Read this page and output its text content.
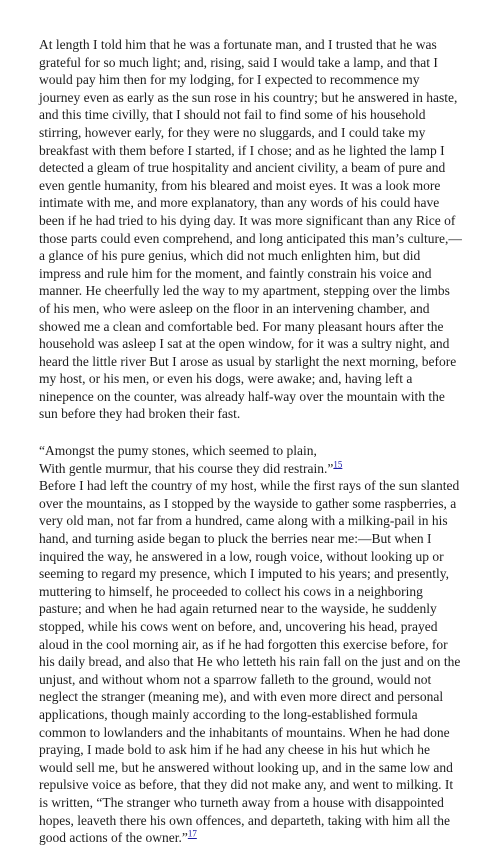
At length I told him that he was a fortunate man, and I trusted that he was grateful for so much light; and, rising, said I would take a lamp, and that I would pay him then for my lodging, for I expected to recommence my journey even as early as the sun rose in his country; but he answered in haste, and this time civilly, that I should not fail to find some of his household stirring, however early, for they were no sluggards, and I could take my breakfast with them before I started, if I chose; and as he lighted the lamp I detected a gleam of true hospitality and ancient civility, a beam of pure and even gentle humanity, from his bleared and moist eyes. It was a look more intimate with me, and more explanatory, than any words of his could have been if he had tried to his dying day. It was more significant than any Rice of those parts could even comprehend, and long anticipated this man’s culture,—a glance of his pure genius, which did not much enlighten him, but did impress and rule him for the moment, and faintly constrain his voice and manner. He cheerfully led the way to my apartment, stepping over the limbs of his men, who were asleep on the floor in an intervening chamber, and showed me a clean and comfortable bed. For many pleasant hours after the household was asleep I sat at the open window, for it was a sultry night, and heard the little river But I arose as usual by starlight the next morning, before my host, or his men, or even his dogs, were awake; and, having left a ninepence on the counter, was already half-way over the mountain with the sun before they had broken their fast.

“Amongst the pumy stones, which seemed to plain,

With gentle murmur, that his course they did restrain.”$^{15}$

Before I had left the country of my host, while the first rays of the sun slanted over the mountains, as I stopped by the wayside to gather some raspberries, a very old man, not far from a hundred, came along with a milking-pail in his hand, and turning aside began to pluck the berries near me:—But when I inquired the way, he answered in a low, rough voice, without looking up or seeming to regard my presence, which I imputed to his years; and presently, muttering to himself, he proceeded to collect his cows in a neighboring pasture; and when he had again returned near to the wayside, he suddenly stopped, while his cows went on before, and, uncovering his head, prayed aloud in the cool morning air, as if he had forgotten this exercise before, for his daily bread, and also that He who letteth his rain fall on the just and on the unjust, and without whom not a sparrow falleth to the ground, would not neglect the stranger (meaning me), and with even more direct and personal applications, though mainly according to the long-established formula common to lowlanders and the inhabitants of mountains. When he had done praying, I made bold to ask him if he had any cheese in his hut which he would sell me, but he answered without looking up, and in the same low and repulsive voice as before, that they did not make any, and went to milking. It is written, “The stranger who turneth away from a house with disappointed hopes, leaveth there his own offences, and departeth, taking with him all the good actions of the owner.”$^{17}$
